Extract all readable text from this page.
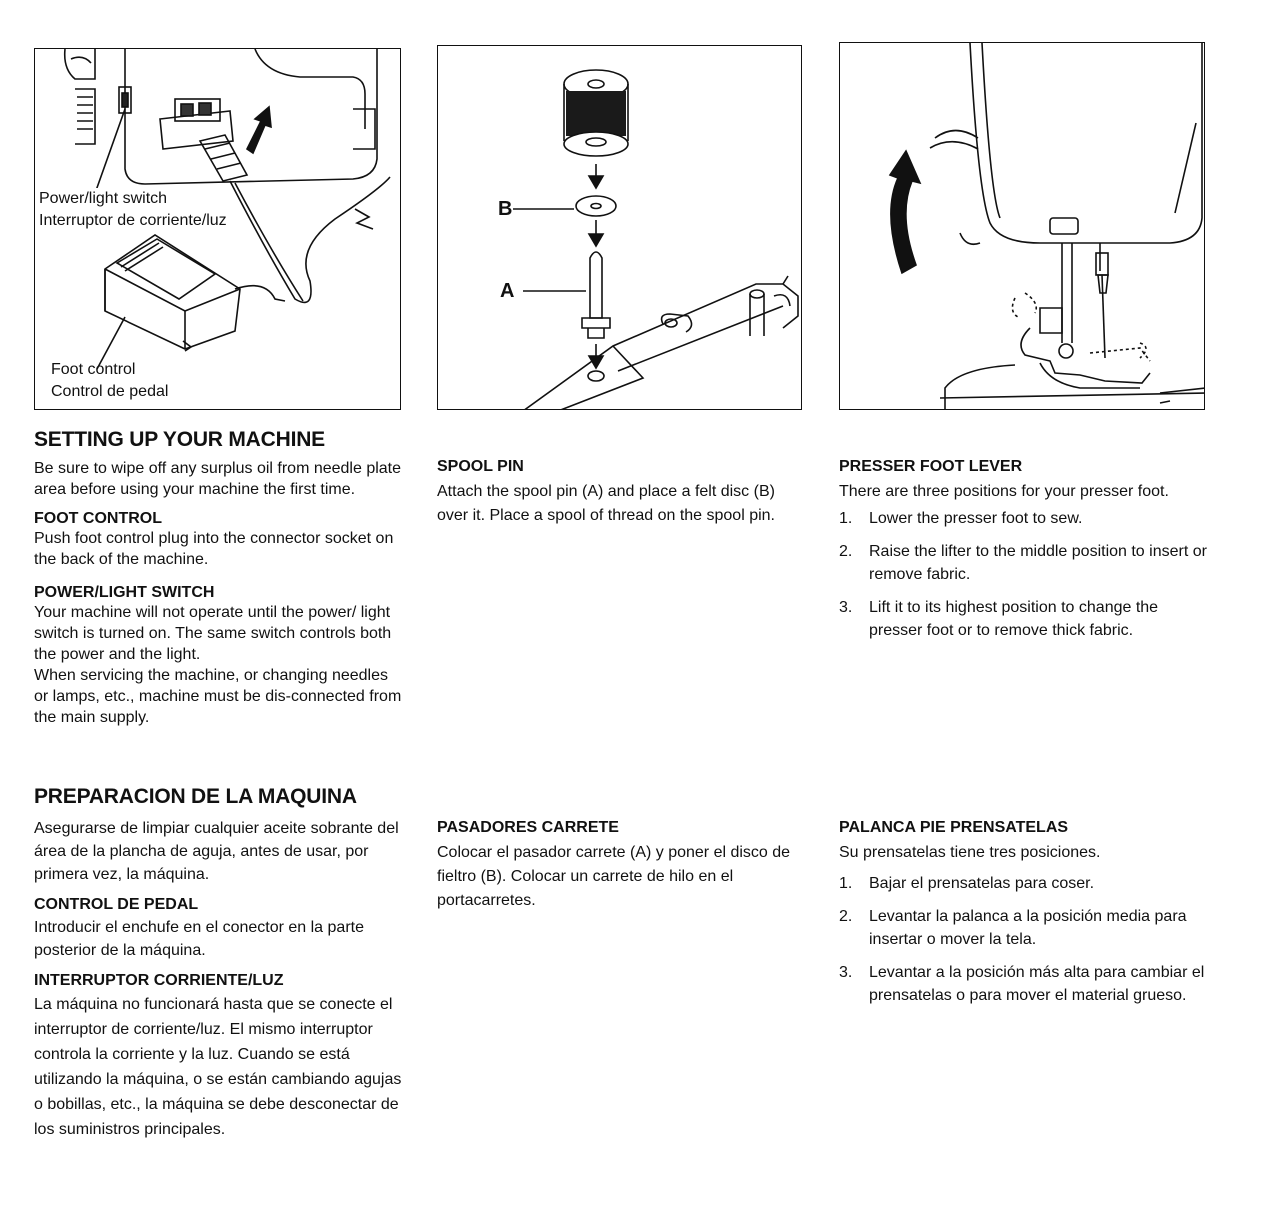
Power/light switch
Interruptor de corriente/luz
Foot control
Control de pedal
B
A
SETTING UP YOUR MACHINE

Be sure to wipe off any surplus oil from needle plate area before using your machine the first time.

FOOT CONTROL

Push foot control plug into the connector socket on the back of the machine.

POWER/LIGHT SWITCH

Your machine will not operate until the power/ light switch is turned on. The same switch controls both the power and the light.

When servicing the machine, or changing needles or lamps, etc., machine must be dis-connected from the main supply.

PREPARACION DE LA MAQUINA

Asegurarse de limpiar cualquier aceite sobrante del área de la plancha de aguja, antes de usar, por primera vez, la máquina.

CONTROL DE PEDAL

Introducir el enchufe en el conector en la parte posterior de la máquina.

INTERRUPTOR CORRIENTE/LUZ

La máquina no funcionará hasta que se conecte el interruptor de corriente/luz. El mismo interruptor controla la corriente y la luz. Cuando se está utilizando la máquina, o se están cambiando agujas o bobillas, etc., la máquina se debe desconectar de los suministros principales.

SPOOL PIN

Attach the spool pin (A) and place a felt disc (B) over it. Place a spool of thread on the spool pin.

PASADORES CARRETE

Colocar el pasador carrete (A) y poner el disco de fieltro (B). Colocar un carrete de hilo en el portacarretes.

PRESSER FOOT LEVER

There are three positions for your presser foot.

1. Lower the presser foot to sew.
2. Raise the lifter to the middle position to insert or remove fabric.
3. Lift it to its highest position to change the presser foot or to remove thick fabric.
PALANCA PIE PRENSATELAS

Su prensatelas tiene tres posiciones.

1. Bajar el prensatelas para coser.
2. Levantar la palanca a la posición media para insertar o mover la tela.
3. Levantar a la posición más alta para cambiar el prensatelas o para mover el material grueso.
